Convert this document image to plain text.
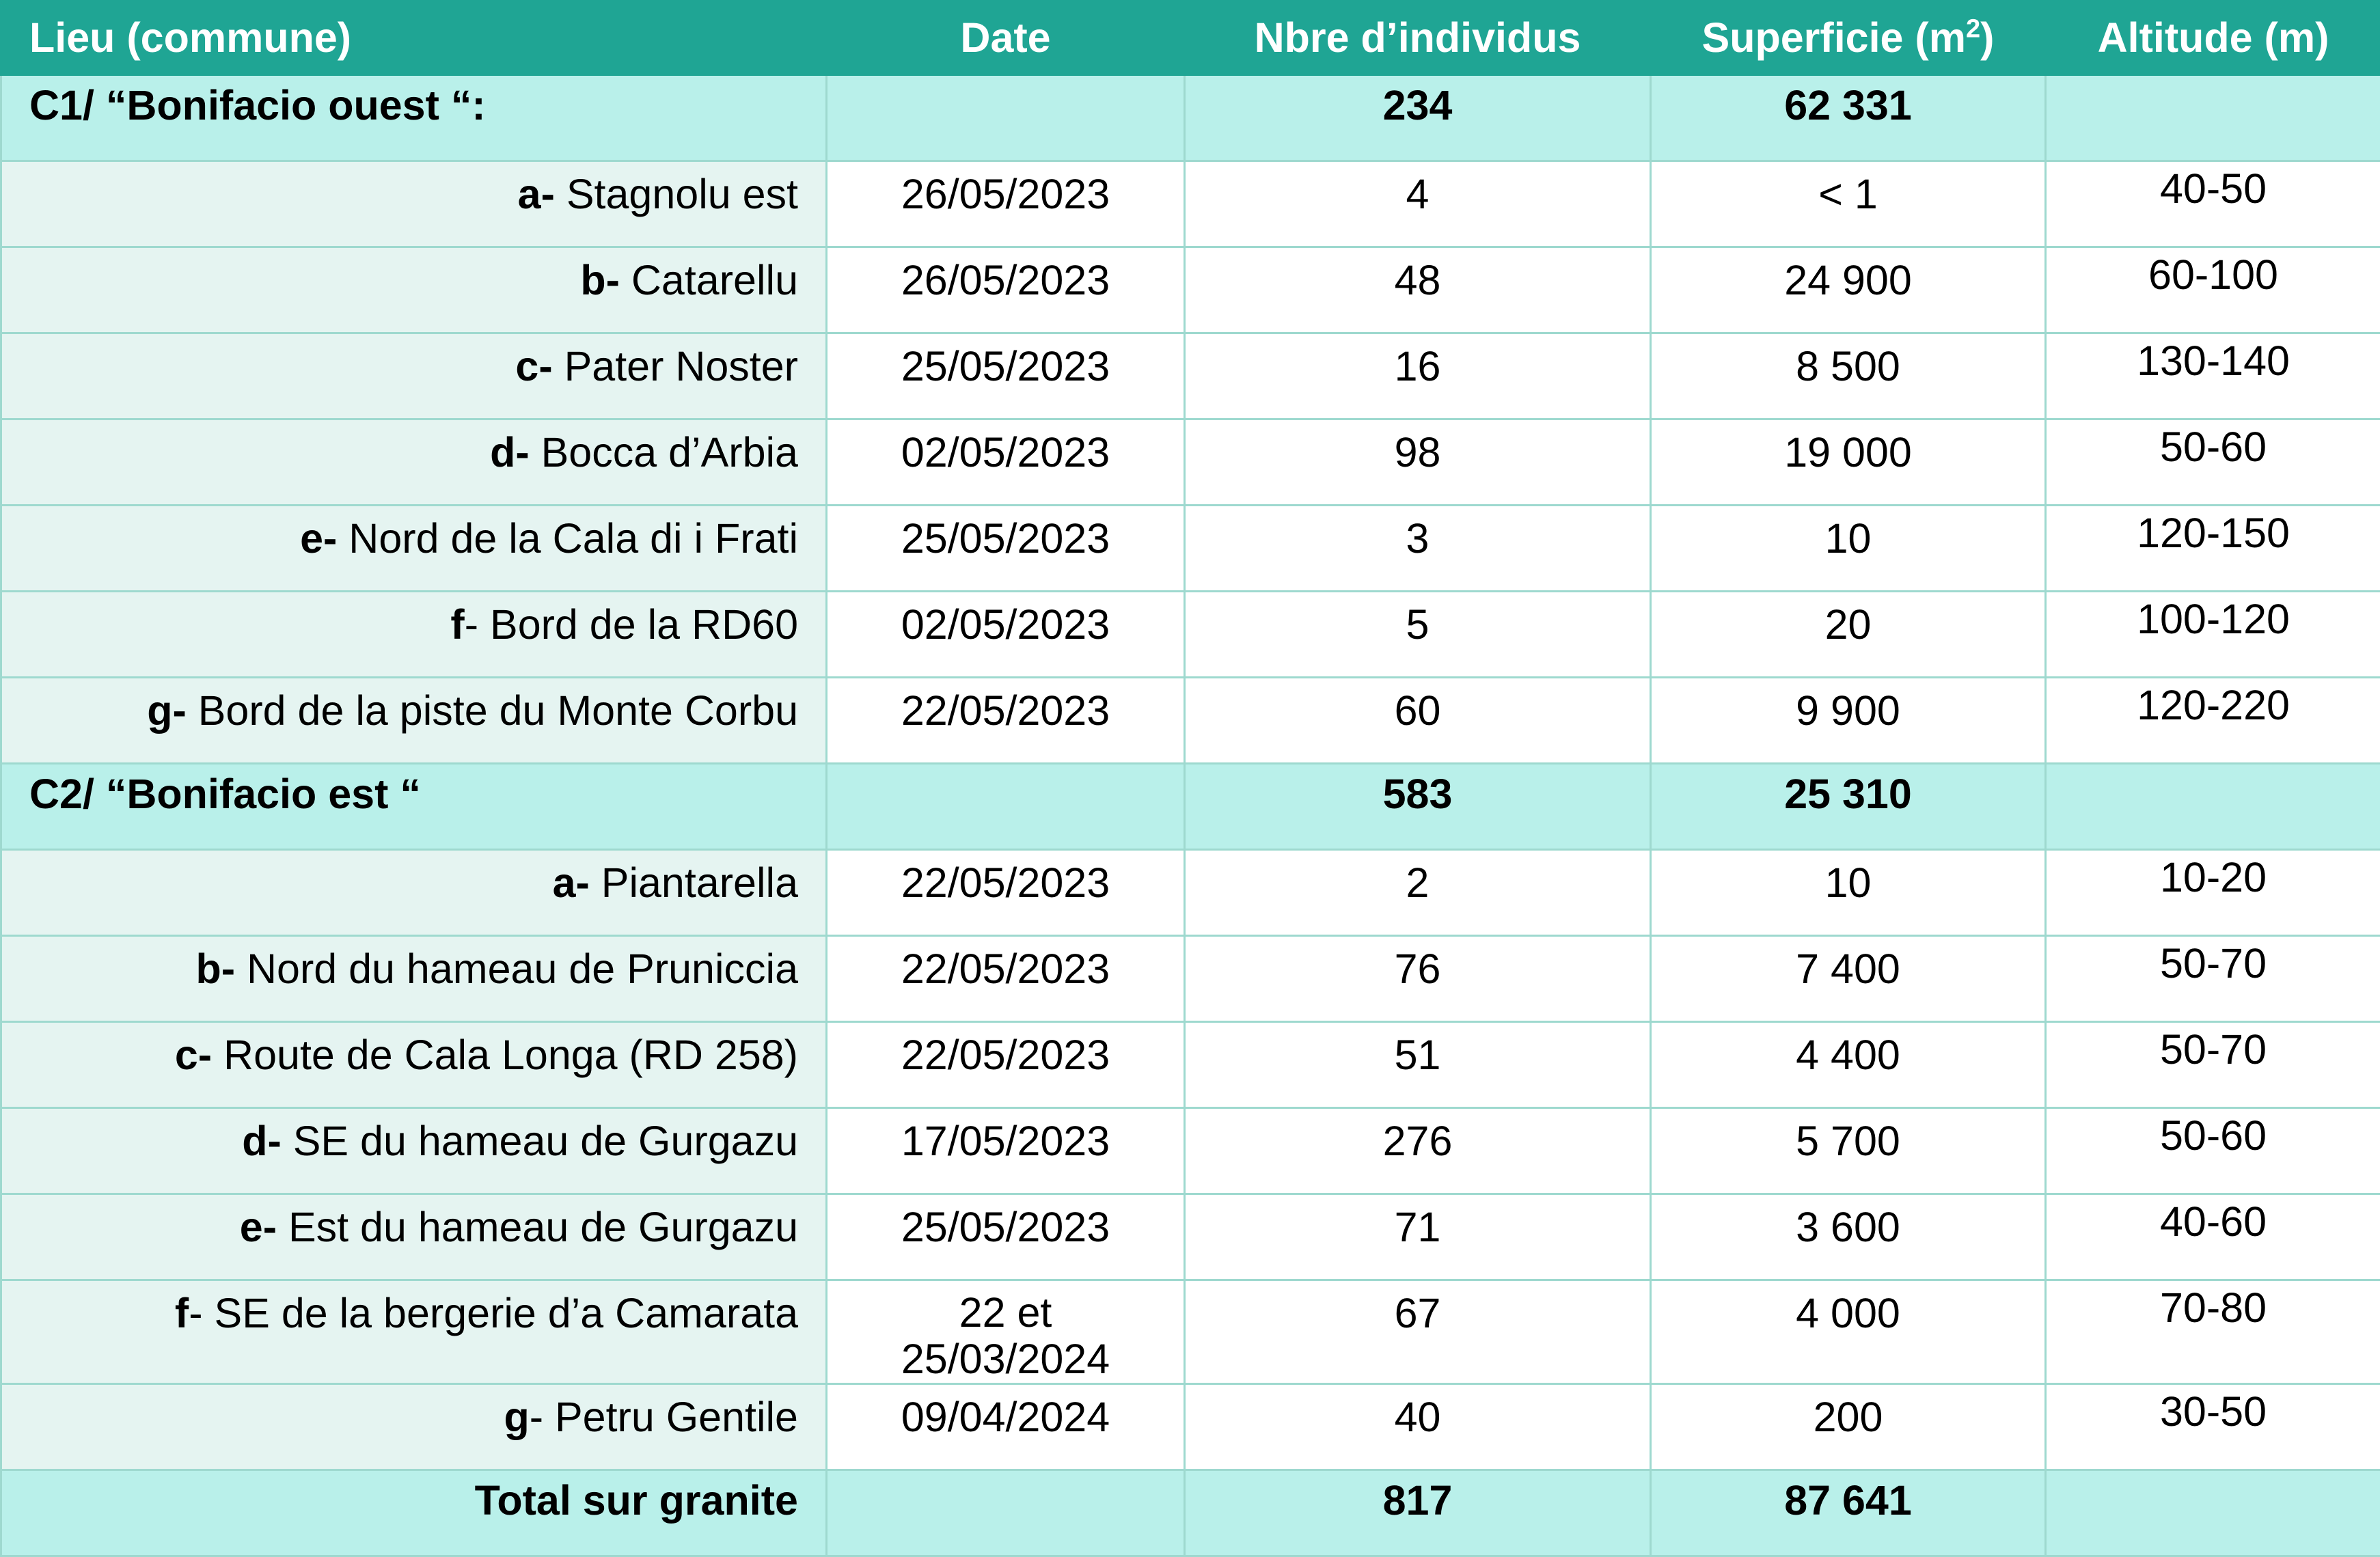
Lieu (commune)	Date	Nbre d’individus	Superficie $(m^2)$	Altitude (m)
C1/ “Bonifacio ouest “:		234	62 331	
a- Stagnolu est	26/05/2023	4	< 1	40-50
b- Catarellu	26/05/2023	48	24 900	60-100
c- Pater Noster	25/05/2023	16	8 500	130-140
d- Bocca d’Arbia	02/05/2023	98	19 000	50-60
e- Nord de la Cala di i Frati	25/05/2023	3	10	120-150
f- Bord de la RD60	02/05/2023	5	20	100-120
g- Bord de la piste du Monte Corbu	22/05/2023	60	9 900	120-220
C2/ “Bonifacio est “		583	25 310	
a- Piantarella	22/05/2023	2	10	10-20
b- Nord du hameau de Pruniccia	22/05/2023	76	7 400	50-70
c- Route de Cala Longa (RD 258)	22/05/2023	51	4 400	50-70
d- SE du hameau de Gurgazu	17/05/2023	276	5 700	50-60
e- Est du hameau de Gurgazu	25/05/2023	71	3 600	40-60
f- SE de la bergerie d’a Camarata	22 et 25/03/2024	67	4 000	70-80
g- Petru Gentile	09/04/2024	40	200	30-50
Total sur granite		817	87 641	
